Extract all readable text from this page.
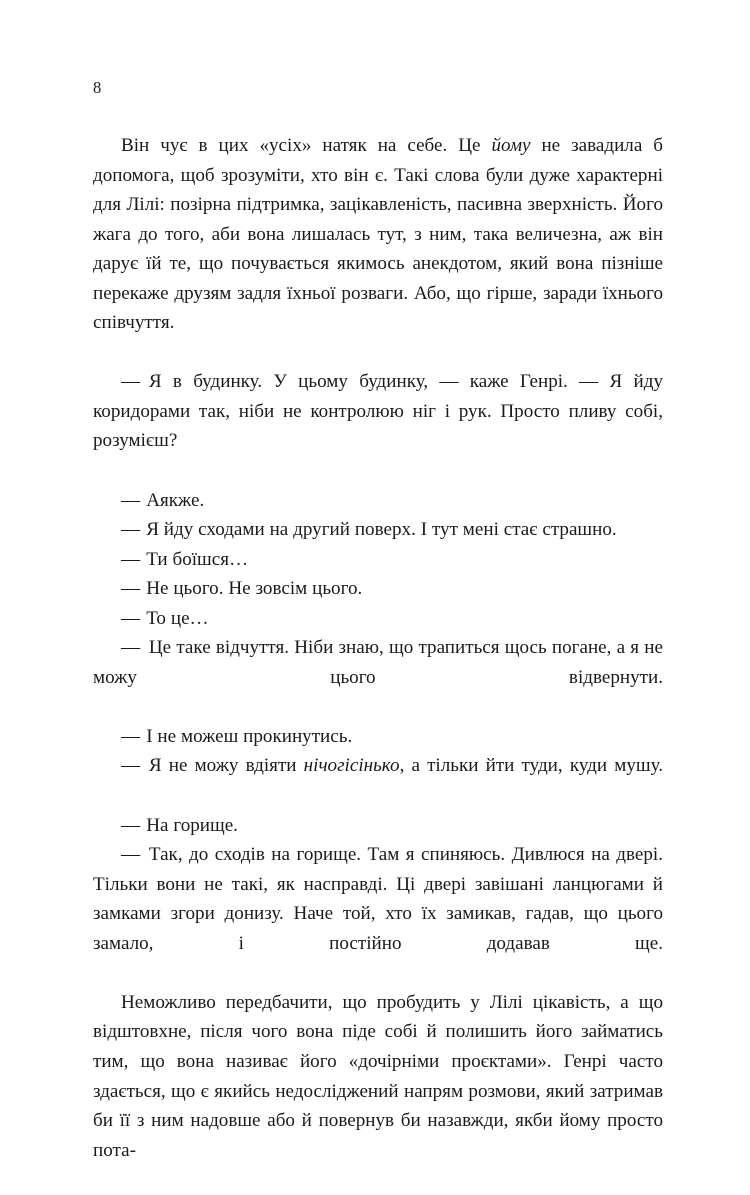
8

Він чує в цих «усіх» натяк на себе. Це йому не завадила б допомога, щоб зрозуміти, хто він є. Такі слова були дуже характерні для Лілі: позірна підтримка, зацікавленість, пасивна зверхність. Його жага до того, аби вона лишалась тут, з ним, така величезна, аж він дарує їй те, що почувається якимось анекдотом, який вона пізніше перекаже друзям задля їхньої розваги. Або, що гірше, заради їхнього співчуття.

— Я в будинку. У цьому будинку, — каже Генрі. — Я йду коридорами так, ніби не контролюю ніг і рук. Просто пливу собі, розумієш?

— Аякже.

— Я йду сходами на другий поверх. І тут мені стає страшно.

— Ти боїшся…

— Не цього. Не зовсім цього.

— То це…

— Це таке відчуття. Ніби знаю, що трапиться щось погане, а я не можу цього відвернути.

— І не можеш прокинутись.

— Я не можу вдіяти нічогісінько, а тільки йти туди, куди мушу.

— На горище.

— Так, до сходів на горище. Там я спиняюсь. Дивлюся на двері. Тільки вони не такі, як насправді. Ці двері завішані ланцюгами й замками згори донизу. Наче той, хто їх замикав, гадав, що цього замало, і постійно додавав ще.

Неможливо передбачити, що пробудить у Лілі цікавість, а що відштовхне, після чого вона піде собі й полишить його займатись тим, що вона називає його «дочірніми проєктами». Генрі часто здається, що є якийсь недосліджений напрям розмови, який затримав би її з ним надовше або й повернув би назавжди, якби йому просто пота-
